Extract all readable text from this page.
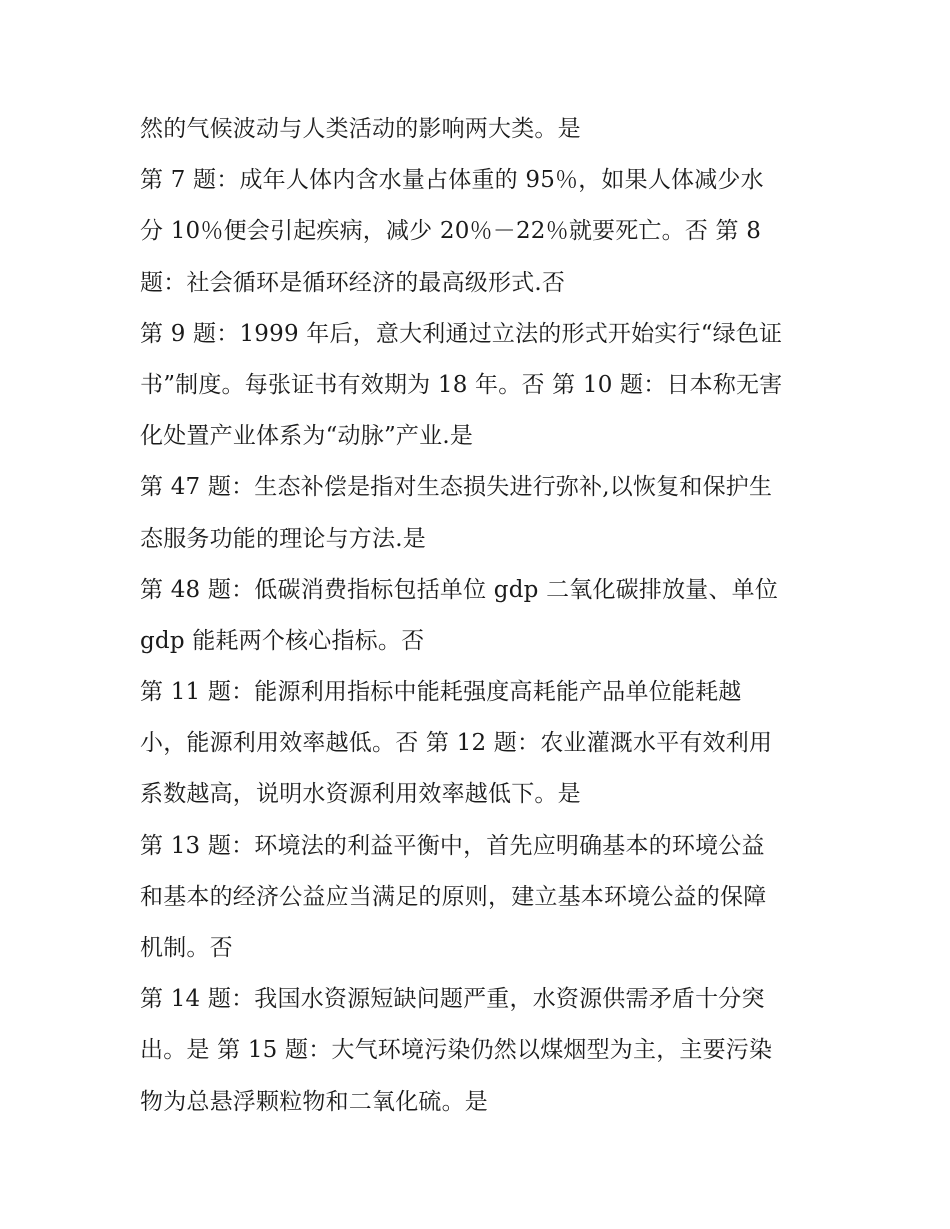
然的气候波动与人类活动的影响两大类。是
第 7 题：成年人体内含水量占体重的 95％，如果人体减少水
分 10％便会引起疾病，减少 20％－22％就要死亡。否 第 8
题：社会循环是循环经济的最高级形式.否
第 9 题：1999 年后，意大利通过立法的形式开始实行“绿色证
书”制度。每张证书有效期为 18 年。否 第 10 题：日本称无害
化处置产业体系为“动脉”产业.是
第 47 题：生态补偿是指对生态损失进行弥补,以恢复和保护生
态服务功能的理论与方法.是
第 48 题：低碳消费指标包括单位 gdp 二氧化碳排放量、单位
gdp 能耗两个核心指标。否
第 11 题：能源利用指标中能耗强度高耗能产品单位能耗越
小，能源利用效率越低。否 第 12 题：农业灌溉水平有效利用
系数越高，说明水资源利用效率越低下。是
第 13 题：环境法的利益平衡中，首先应明确基本的环境公益
和基本的经济公益应当满足的原则，建立基本环境公益的保障
机制。否
第 14 题：我国水资源短缺问题严重，水资源供需矛盾十分突
出。是 第 15 题：大气环境污染仍然以煤烟型为主，主要污染
物为总悬浮颗粒物和二氧化硫。是
